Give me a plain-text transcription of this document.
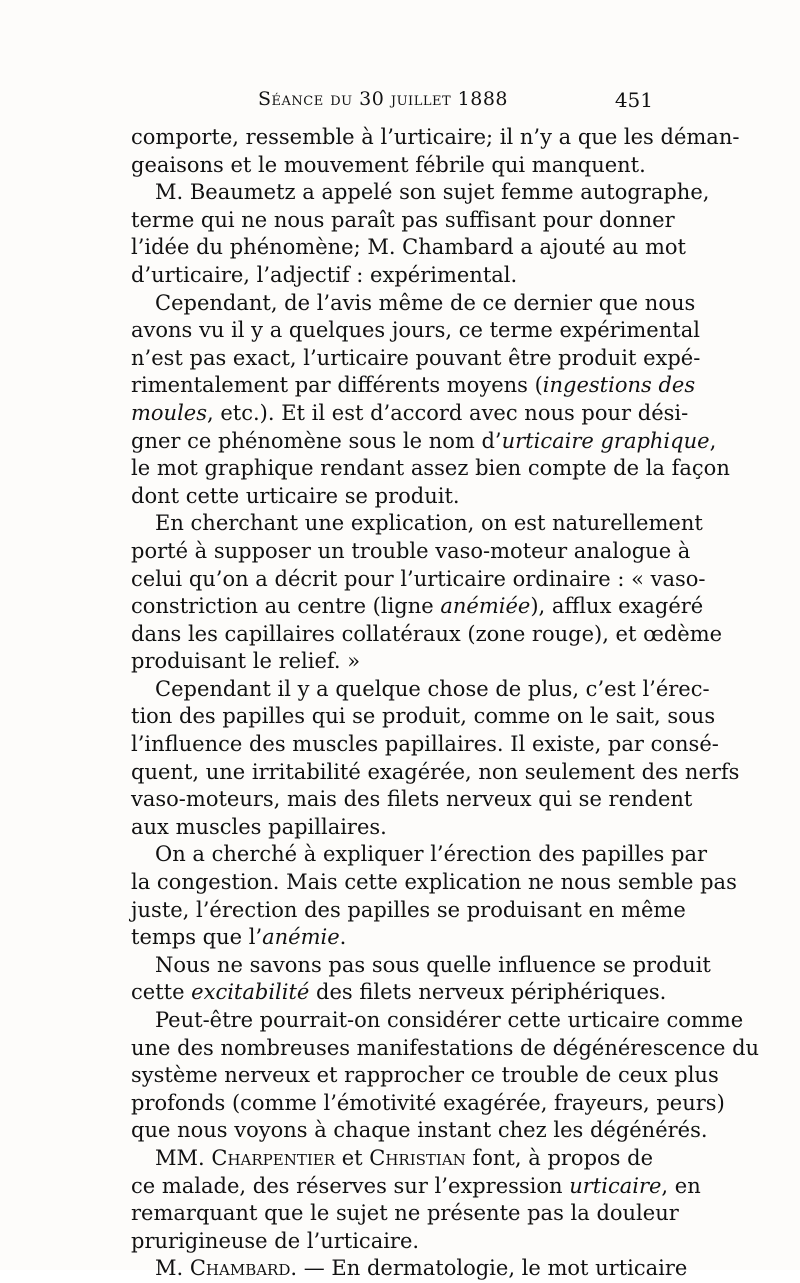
Séance du 30 juillet 1888	451
comporte, ressemble à l’urticaire; il n’y a que les déman-
geaisons et le mouvement fébrile qui manquent.
M. Beaumetz a appelé son sujet femme autographe,
terme qui ne nous paraît pas suffisant pour donner
l’idée du phénomène; M. Chambard a ajouté au mot
d’urticaire, l’adjectif : expérimental.
Cependant, de l’avis même de ce dernier que nous
avons vu il y a quelques jours, ce terme expérimental
n’est pas exact, l’urticaire pouvant être produit expé-
rimentalement par différents moyens (ingestions des
moules, etc.). Et il est d’accord avec nous pour dési-
gner ce phénomène sous le nom d’urticaire graphique,
le mot graphique rendant assez bien compte de la façon
dont cette urticaire se produit.
En cherchant une explication, on est naturellement
porté à supposer un trouble vaso-moteur analogue à
celui qu’on a décrit pour l’urticaire ordinaire : « vaso-
constriction au centre (ligne anémiée), afflux exagéré
dans les capillaires collatéraux (zone rouge), et œdème
produisant le relief. »
Cependant il y a quelque chose de plus, c’est l’érec-
tion des papilles qui se produit, comme on le sait, sous
l’influence des muscles papillaires. Il existe, par consé-
quent, une irritabilité exagérée, non seulement des nerfs
vaso-moteurs, mais des filets nerveux qui se rendent
aux muscles papillaires.
On a cherché à expliquer l’érection des papilles par
la congestion. Mais cette explication ne nous semble pas
juste, l’érection des papilles se produisant en même
temps que l’anémie.
Nous ne savons pas sous quelle influence se produit
cette excitabilité des filets nerveux périphériques.
Peut-être pourrait-on considérer cette urticaire comme
une des nombreuses manifestations de dégénérescence du
système nerveux et rapprocher ce trouble de ceux plus
profonds (comme l’émotivité exagérée, frayeurs, peurs)
que nous voyons à chaque instant chez les dégénérés.
MM. Charpentier et Christian font, à propos de
ce malade, des réserves sur l’expression urticaire, en
remarquant que le sujet ne présente pas la douleur
prurigineuse de l’urticaire.
M. Chambard. — En dermatologie, le mot urticaire
